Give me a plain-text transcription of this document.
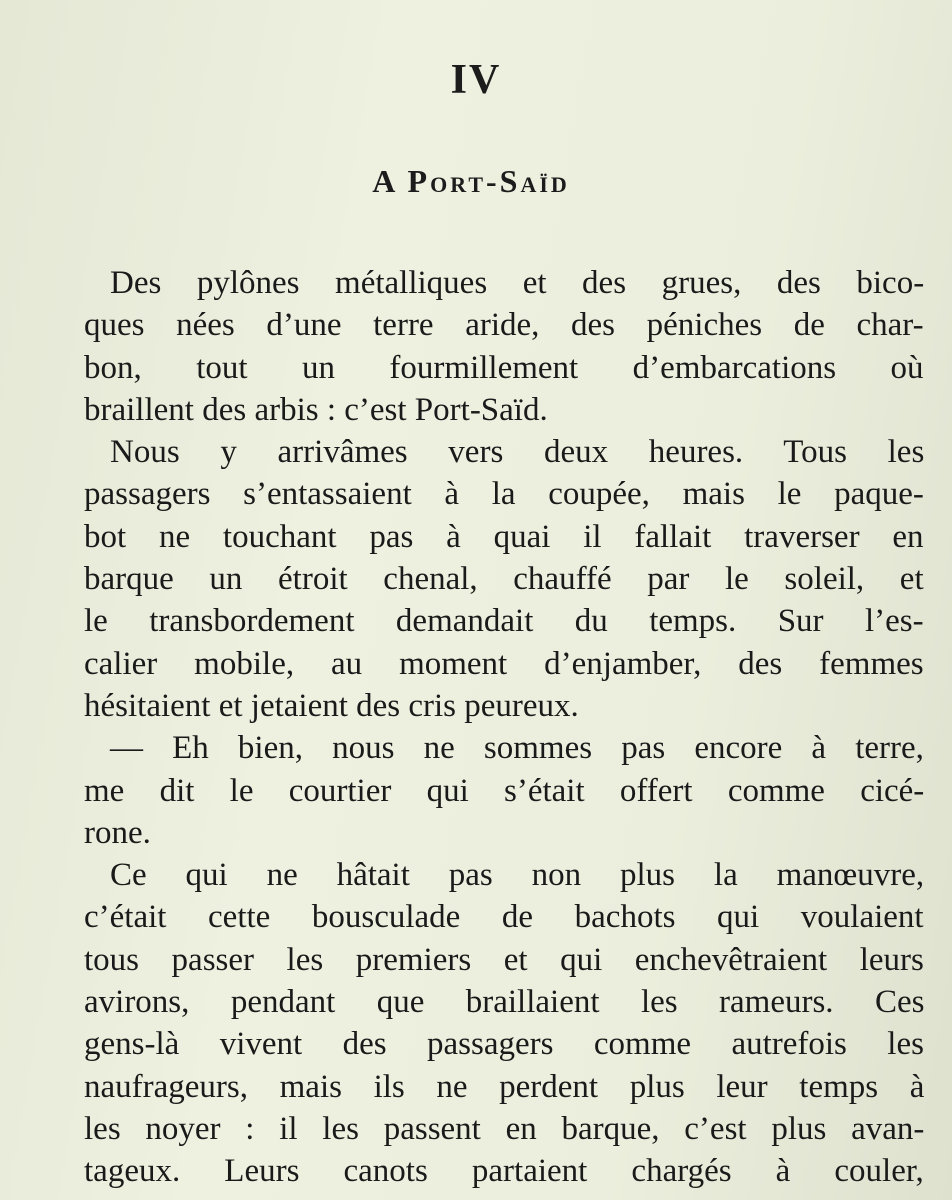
IV
A Port-Saïd
Des pylônes métalliques et des grues, des bico-
ques nées d’une terre aride, des péniches de char-
bon, tout un fourmillement d’embarcations où
braillent des arbis : c’est Port-Saïd.
Nous y arrivâmes vers deux heures. Tous les
passagers s’entassaient à la coupée, mais le paque-
bot ne touchant pas à quai il fallait traverser en
barque un étroit chenal, chauffé par le soleil, et
le transbordement demandait du temps. Sur l’es-
calier mobile, au moment d’enjamber, des femmes
hésitaient et jetaient des cris peureux.
— Eh bien, nous ne sommes pas encore à terre,
me dit le courtier qui s’était offert comme cicé-
rone.
Ce qui ne hâtait pas non plus la manœuvre,
c’était cette bousculade de bachots qui voulaient
tous passer les premiers et qui enchevêtraient leurs
avirons, pendant que braillaient les rameurs. Ces
gens-là vivent des passagers comme autrefois les
naufrageurs, mais ils ne perdent plus leur temps à
les noyer : il les passent en barque, c’est plus avan-
tageux. Leurs canots partaient chargés à couler,
